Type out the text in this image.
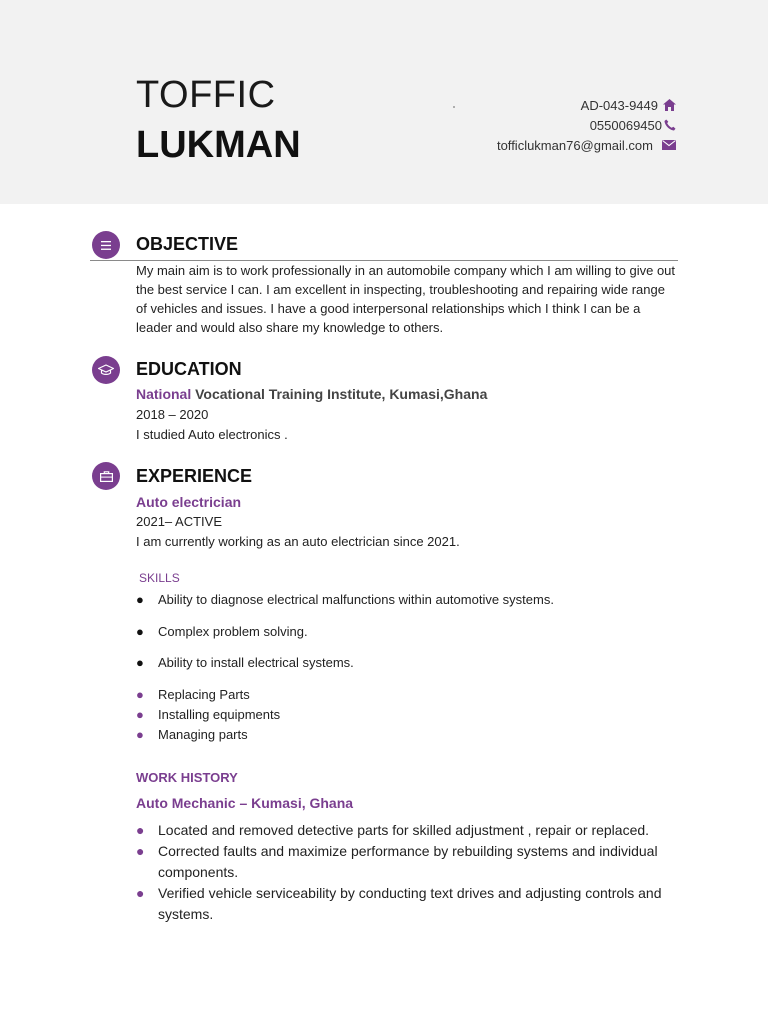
TOFFIC
LUKMAN
AD-043-9449
0550069450
tofficlukman76@gmail.com
OBJECTIVE
My main aim is to work professionally in an automobile company which I am willing to give out the best service I can. I am excellent in inspecting, troubleshooting and repairing wide range of vehicles and issues. I have a good interpersonal relationships which I think I can be a leader and would also share my knowledge to others.
EDUCATION
National Vocational Training Institute, Kumasi,Ghana
2018 – 2020
I studied Auto electronics .
EXPERIENCE
Auto electrician
2021– ACTIVE
I am currently working as an auto electrician since 2021.
SKILLS
● Ability to diagnose electrical malfunctions within automotive systems.
● Complex problem solving.
● Ability to install electrical systems.
● Replacing Parts
● Installing equipments
● Managing parts
WORK HISTORY
Auto Mechanic – Kumasi, Ghana
● Located and removed detective parts for skilled adjustment , repair or replaced.
● Corrected faults and maximize performance by rebuilding systems and individual components.
● Verified vehicle serviceability by conducting text drives and adjusting controls and systems.
